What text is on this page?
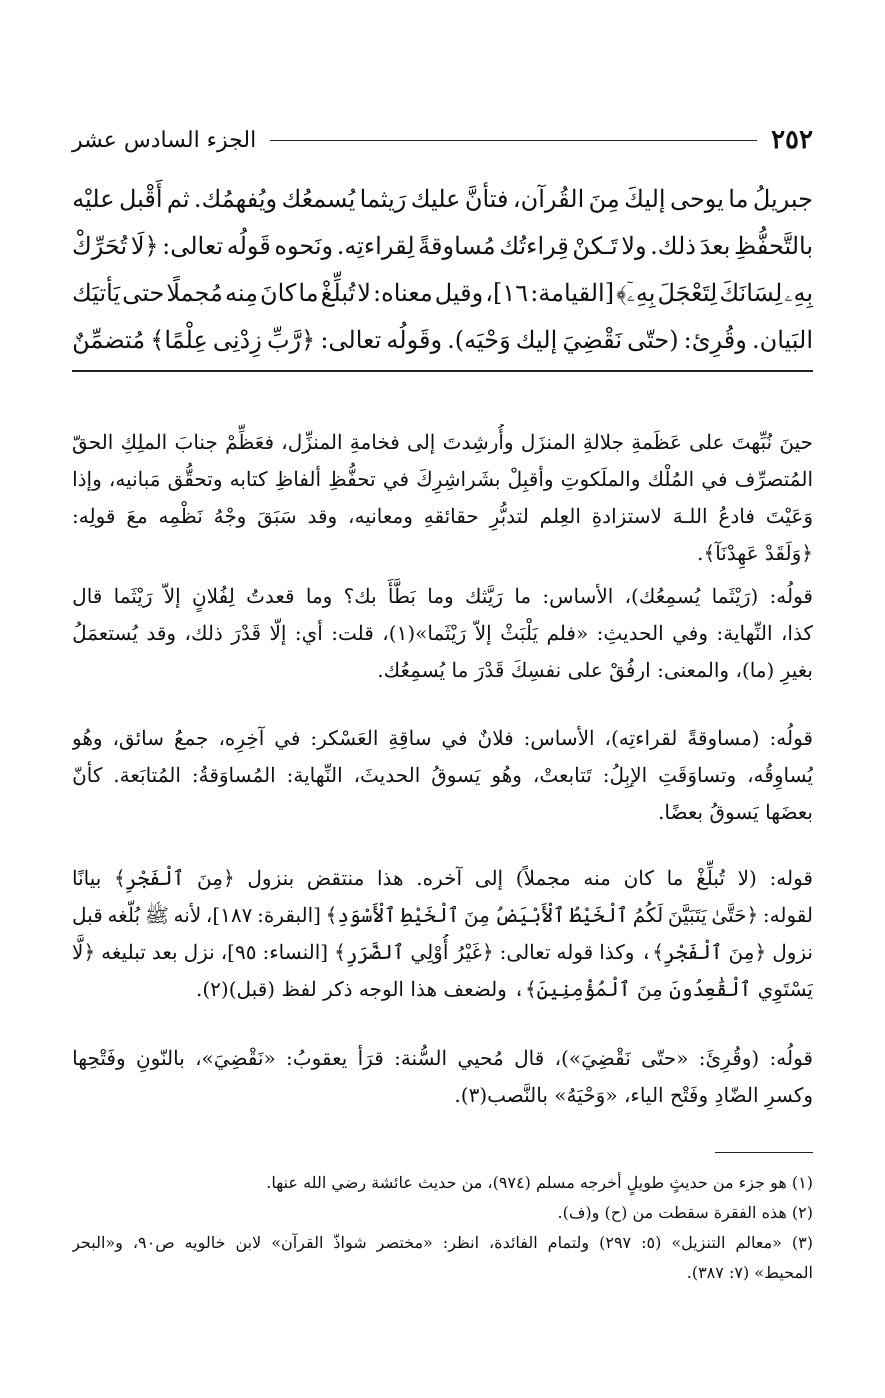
٢٥٢
الجزء السادس عشر
جبريلُ
ما
يوحى
إليكَ
مِنَ
القُرآن،
فتأنَّ
عليك
رَيثما
يُسمعُك
ويُفهمُك.
ثم
أَقْبل
عليْه
بالتَّحفُّظِ
بعدَ
ذلك.
ولا
تَـكنْ
قِراءتُك
مُساوقةً
لِقراءتِه.
ونَحوه
قَولُه
تعالى:
﴿لَا
تُحَرِّكْ
بِهِۦ
لِسَانَكَ
لِتَعْجَلَ
بِهِۦٓ﴾
[القيامة:
١٦]،
وقيل
معناه:
لا
تُبلِّغْ
ما
كانَ
مِنه
مُجملًا
حتى
يَأتيَك
البَيان.
وقُرِئ:
(حتّى
نَقْضِيَ
إليك
وَحْيَه).
وقَولُه
تعالى:
﴿رَّبِّ
زِدْنِى
عِلْمًا﴾
مُتضمِّنٌ
حينَ
نُبِّهتَ
على
عَظَمةِ
جلالةِ
المنزَل
وأُرشِدتَ
إلى
فخامةِ
المنزِّل،
فعَظِّمْ
جنابَ
الملِكِ
الحقّ
المُتصرِّف
في
المُلْك
والملَكوتِ
وأقبِلْ
بشَراشِرِكَ
في
تحفُّظِ
ألفاظِ
كتابه
وتحقُّق
مَبانيه،
وإذا
وَعَيْتَ
فادعُ
اللـهَ
لاستزادةِ
العِلم
لتدبُّرِ
حقائقهِ
ومعانيه،
وقد
سَبَقَ
وجْهُ
نَظْمِه
معَ
قولِه:
﴿وَلَقَدْ
عَهِدْنَآ﴾.
قولُه:
(رَيْثَما
يُسمِعُك)،
الأساس:
ما
رَيَّثك
وما
بَطَّأَ
بك؟
وما
قعدتُ
لِفُلانٍ
إلاّ
رَيْثَما
قال
كذا،
النِّهاية:
وفي
الحديثِ:
«فلم
يَلْبَثْ
إلاّ
رَيْثَما»(١)،
قلت:
أي:
إلّا
قَدْرَ
ذلك،
وقد
يُستعمَلُ
بغيرِ
(ما)،
والمعنى:
ارفُقْ
على
نفسِكَ
قَدْرَ
ما
يُسمِعُك.
قولُه:
(مساوقةً
لقراءتِه)،
الأساس:
فلانٌ
في
ساقِةِ
العَسْكر:
في
آخِرِه،
جمعُ
سائق،
وهُو
يُساوِقُه،
وتساوَقَتِ
الإبِلُ:
تَتابعتْ،
وهُو
يَسوقُ
الحديثَ،
النِّهاية:
المُساوَقةُ:
المُتابَعة.
كأنّ
بعضَها
يَسوقُ
بعضًا.
قوله:
(لا
تُبلِّغْ
ما
كان
منه
مجملاً)
إلى
آخره.
هذا
منتقض
بنزول
﴿مِنَ
ٱلْفَجْرِ﴾
بيانًا
لقوله:
﴿حَتَّىٰ
يَتَبَيَّنَ
لَكُمُ
ٱلْخَيْطُ
ٱلْأَبْيَضُ
مِنَ
ٱلْخَيْطِ
ٱلْأَسْوَدِ﴾
[البقرة:
١٨٧]،
لأنه
ﷺ
بُلّغه
قبل
نزول
﴿مِنَ
ٱلْفَجْرِ﴾،
وكذا
قوله
تعالى:
﴿غَيْرُ
أُوْلِي
ٱلضَّرَرِ﴾
[النساء:
٩٥]،
نزل
بعد
تبليغه
﴿لَّا
يَسْتَوِي
ٱلْقَٰعِدُونَ
مِنَ
ٱلْمُؤْمِنِينَ﴾،
ولضعف
هذا
الوجه
ذكر
لفظ
(قبل)(٢).
قولُه:
(وقُرِئَ:
«حتّى
نَقْضِيَ»)،
قال
مُحيي
السُّنة:
قرَأ
يعقوبُ:
«نَقْضِيَ»،
بالنّونِ
وفَتْحِها
وكسرِ
الضّادِ
وفَتْح
الياء،
«وَحْيَهُ»
بالنَّصب(٣).
(١)
هو
جزء
من
حديثٍ
طويلٍ
أخرجه
مسلم
(٩٧٤)،
من
حديث
عائشة
رضي
الله
عنها.
(٢)
هذه
الفقرة
سقطت
من
(ح)
و(ف).
(٣)
«معالم
التنزيل»
(٥:
٢٩٧)
ولتمام
الفائدة،
انظر:
«مختصر
شواذّ
القرآن»
لابن
خالويه
ص٩٠،
و«البحر
المحيط»
(٧:
٣٨٧).
